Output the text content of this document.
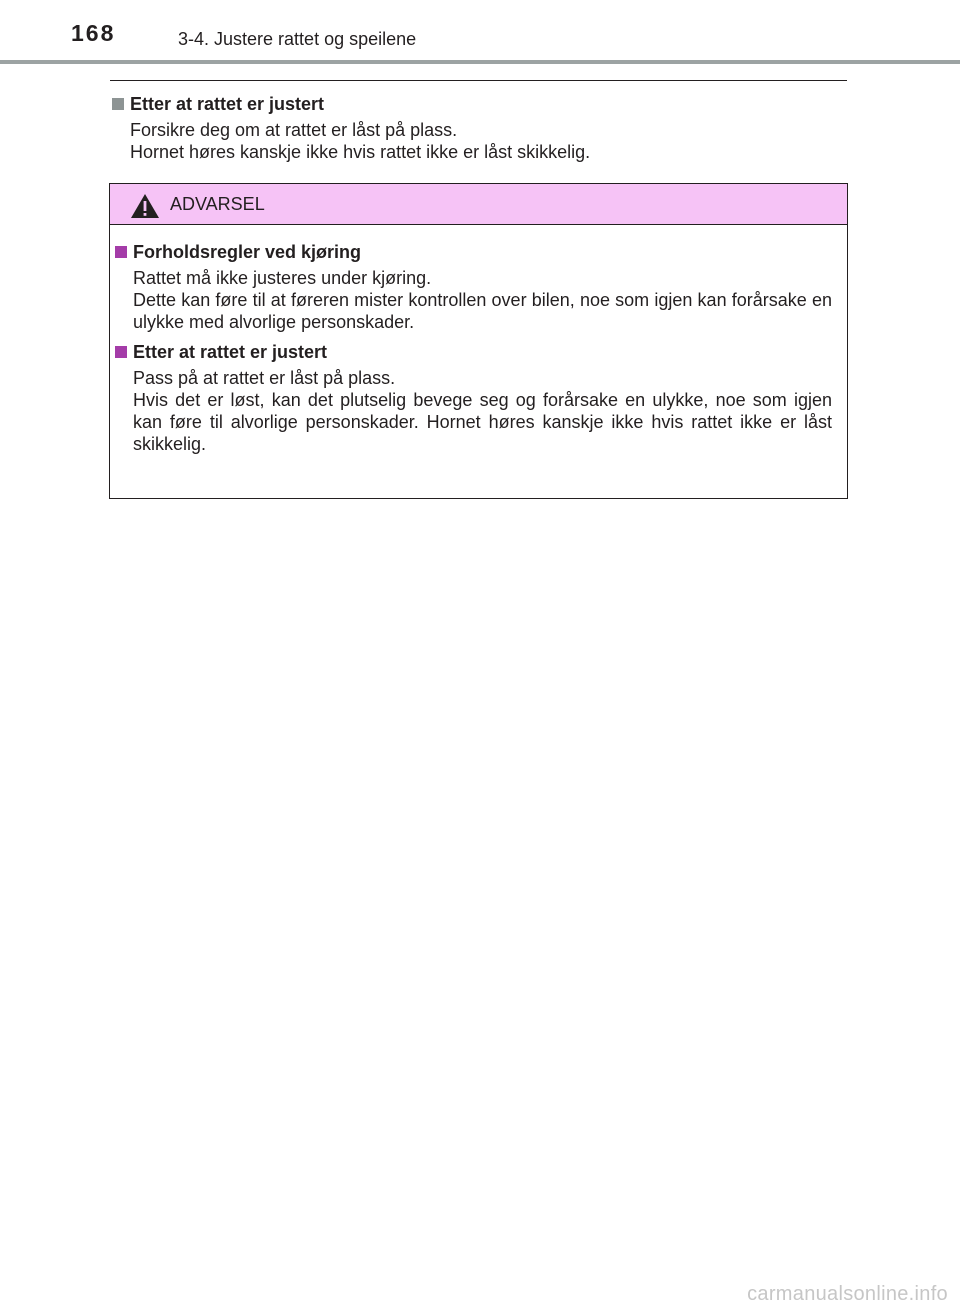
168	3-4. Justere rattet og speilene
Etter at rattet er justert
Forsikre deg om at rattet er låst på plass.
Hornet høres kanskje ikke hvis rattet ikke er låst skikkelig.
ADVARSEL
Forholdsregler ved kjøring
Rattet må ikke justeres under kjøring.
Dette kan føre til at føreren mister kontrollen over bilen, noe som igjen kan forårsake en ulykke med alvorlige personskader.
Etter at rattet er justert
Pass på at rattet er låst på plass.
Hvis det er løst, kan det plutselig bevege seg og forårsake en ulykke, noe som igjen kan føre til alvorlige personskader. Hornet høres kanskje ikke hvis rattet ikke er låst skikkelig.
carmanualsonline.info
